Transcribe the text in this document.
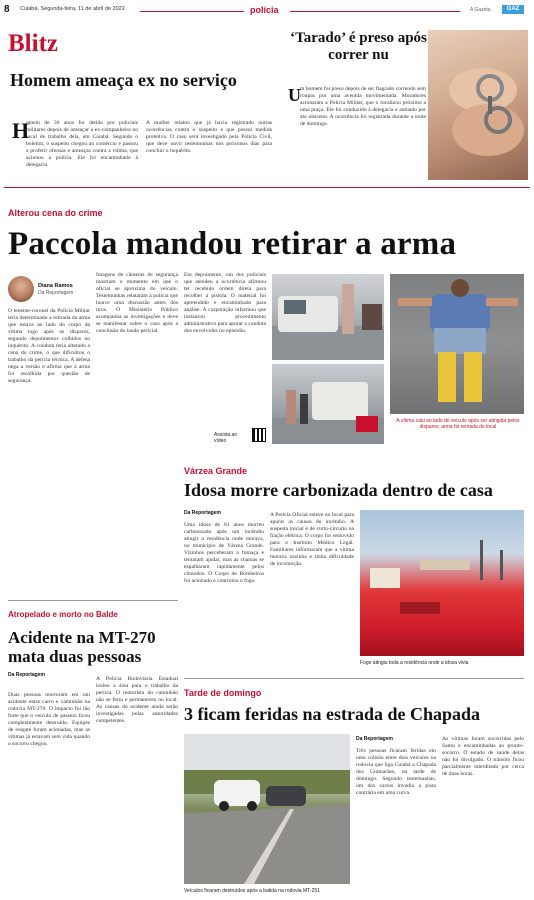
8 Cuiabá, Segunda-feira, 11 de abril de 2022	polícia	A Gazeta	GAZ
Blitz
Homem ameaça ex no serviço
H
omem de 36 anos foi detido por policiais militares depois de ameaçar a ex-companheira no local de trabalho dela, em Cuiabá. Segundo o boletim, o suspeito chegou ao comércio e passou a proferir ofensas e ameaças contra a vítima, que acionou a polícia. Ele foi encaminhado à delegacia.
A mulher relatou que já havia registrado outras ocorrências contra o suspeito e que possui medida protetiva. O caso será investigado pela Polícia Civil, que deve ouvir testemunhas nos próximos dias para concluir o inquérito.
‘Tarado’ é preso após correr nu
U m homem foi preso depois de ser flagrado correndo sem roupas por uma avenida movimentada. Moradores acionaram a Polícia Militar, que o localizou próximo a uma praça. Ele foi conduzido à delegacia e autuado por ato obsceno. A ocorrência foi registrada durante a noite de domingo.
Alterou cena do crime
Paccola mandou retirar a arma
Diana Ramos
Da Reportagem
O tenente-coronel da Polícia Militar teria determinado a retirada da arma que estava ao lado do corpo da vítima logo após os disparos, segundo depoimentos colhidos no inquérito. A conduta teria alterado a cena do crime, o que dificultou o trabalho da perícia técnica. A defesa nega a versão e afirma que a arma foi recolhida por questão de segurança.
Imagens de câmeras de segurança mostram o momento em que o oficial se aproxima do veículo. Testemunhas relataram à polícia que houve uma discussão antes dos tiros. O Ministério Público acompanha as investigações e deve se manifestar sobre o caso após a conclusão do laudo pericial.
Em depoimento, um dos policiais que atendeu a ocorrência afirmou ter recebido ordem direta para recolher a pistola. O material foi apreendido e encaminhado para análise. A corporação informou que instaurou procedimento administrativo para apurar a conduta dos envolvidos no episódio.
A vítima caiu ao lado do veículo após ser atingida pelos disparos; arma foi retirada do local
Assista ao vídeo
Várzea Grande
Idosa morre carbonizada dentro de casa
Da Reportagem
Uma idosa de 81 anos morreu carbonizada após um incêndio atingir a residência onde morava, no município de Várzea Grande. Vizinhos perceberam a fumaça e tentaram ajudar, mas as chamas se espalharam rapidamente pelos cômodos. O Corpo de Bombeiros foi acionado e controlou o fogo.
A Perícia Oficial esteve no local para apurar as causas do incêndio. A suspeita inicial é de curto-circuito na fiação elétrica. O corpo foi removido para o Instituto Médico Legal. Familiares informaram que a vítima morava sozinha e tinha dificuldade de locomoção.
Fogo atingiu toda a residência onde a idosa vivia
Atropelado e morto no Balde
Acidente na MT-270 mata duas pessoas
Da Reportagem
Duas pessoas morreram em um acidente entre carro e caminhão na rodovia MT-270. O impacto foi tão forte que o veículo de passeio ficou completamente destruído. Equipes de resgate foram acionadas, mas as vítimas já estavam sem vida quando o socorro chegou.
A Polícia Rodoviária Estadual isolou a área para o trabalho da perícia. O motorista do caminhão não se feriu e permaneceu no local. As causas do acidente ainda serão investigadas pelas autoridades competentes.
Tarde de domingo
3 ficam feridas na estrada de Chapada
Veículos ficaram destruídos após a batida na rodovia MT-251
Da Reportagem
Três pessoas ficaram feridas em uma colisão entre dois veículos na rodovia que liga Cuiabá a Chapada dos Guimarães, na tarde de domingo. Segundo testemunhas, um dos carros invadiu a pista contrária em uma curva.
As vítimas foram socorridas pelo Samu e encaminhadas ao pronto-socorro. O estado de saúde delas não foi divulgado. O trânsito ficou parcialmente interditado por cerca de duas horas.
